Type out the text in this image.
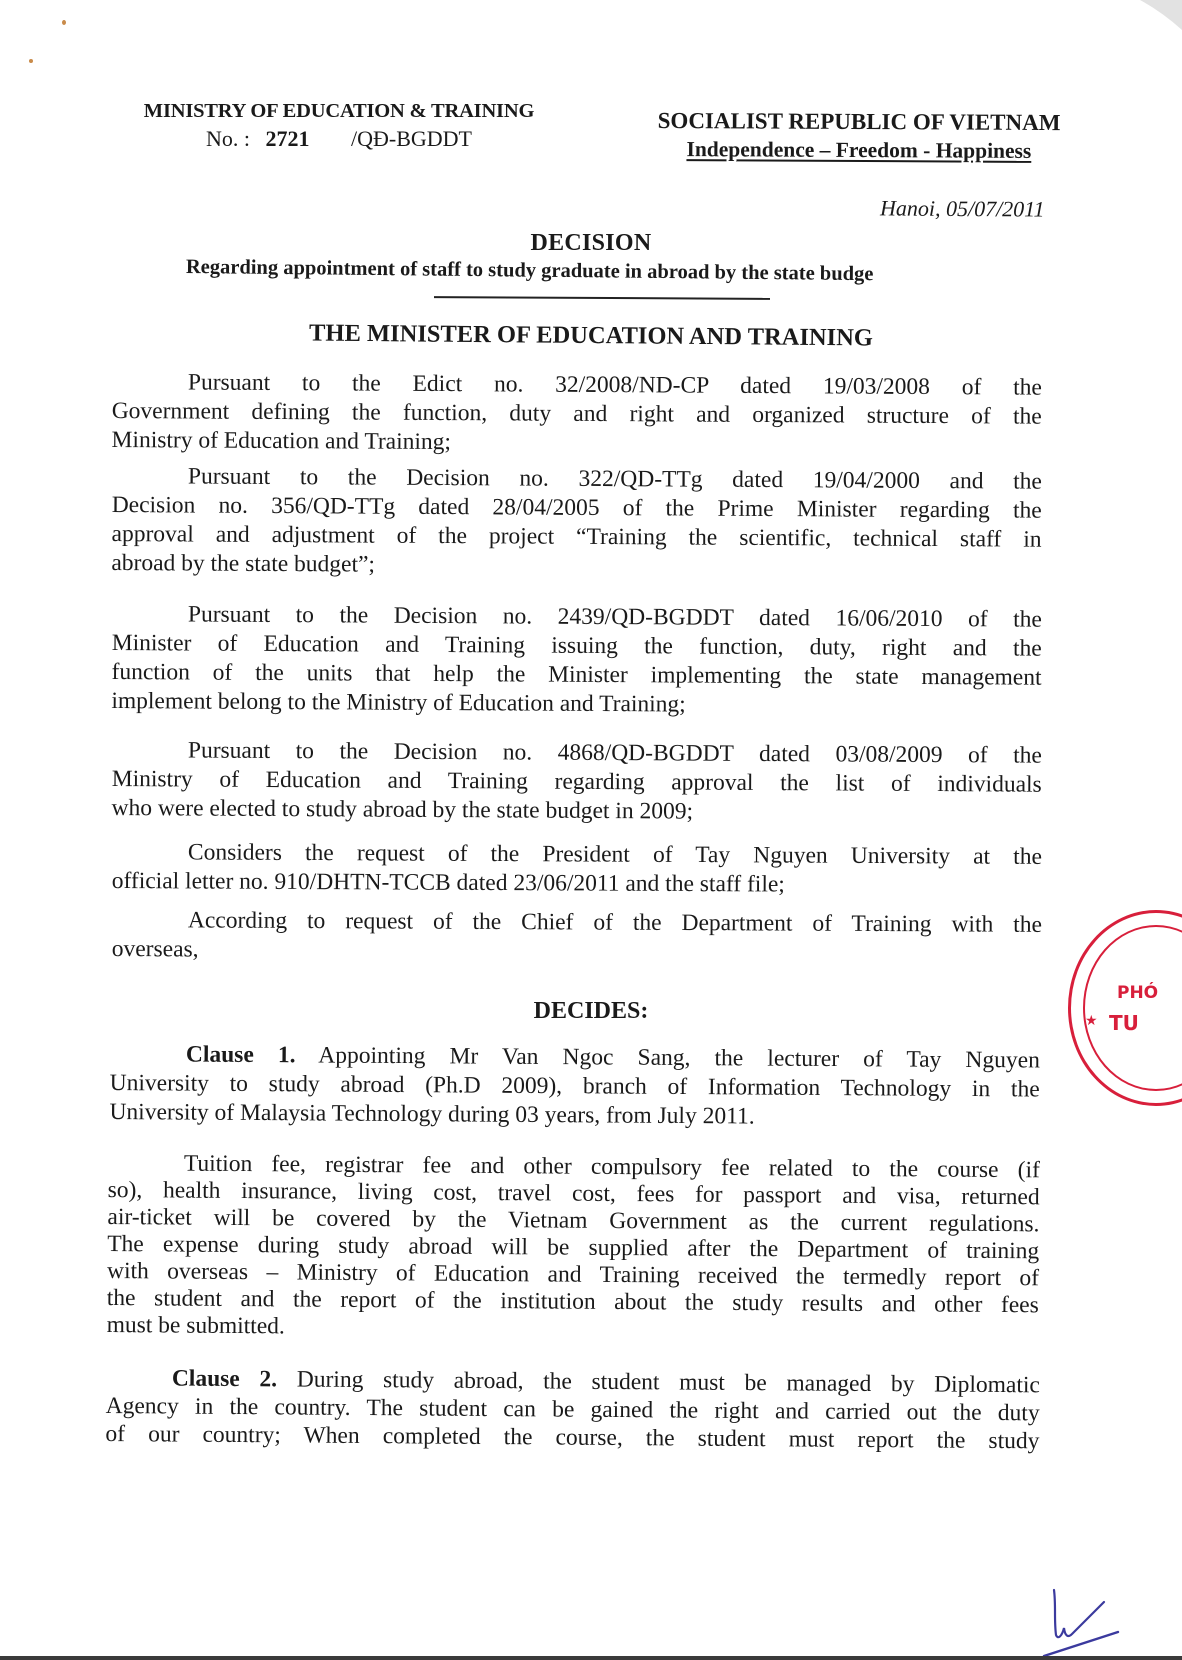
MINISTRY OF EDUCATION & TRAINING
No. : 2721 /QĐ-BGDDT
SOCIALIST REPUBLIC OF VIETNAM
Independence – Freedom - Happiness
Hanoi, 05/07/2011
DECISION
Regarding appointment of staff to study graduate in abroad by the state budge
THE MINISTER OF EDUCATION AND TRAINING
Pursuant to the Edict no. 32/2008/ND-CP dated 19/03/2008 of the
Government defining the function, duty and right and organized structure of the
Ministry of Education and Training;
Pursuant to the Decision no. 322/QD-TTg dated 19/04/2000 and the
Decision no. 356/QD-TTg dated 28/04/2005 of the Prime Minister regarding the
approval and adjustment of the project “Training the scientific, technical staff in
abroad by the state budget”;
Pursuant to the Decision no. 2439/QD-BGDDT dated 16/06/2010 of the
Minister of Education and Training issuing the function, duty, right and the
function of the units that help the Minister implementing the state management
implement belong to the Ministry of Education and Training;
Pursuant to the Decision no. 4868/QD-BGDDT dated 03/08/2009 of the
Ministry of Education and Training regarding approval the list of individuals
who were elected to study abroad by the state budget in 2009;
Considers the request of the President of Tay Nguyen University at the
official letter no. 910/DHTN-TCCB dated 23/06/2011 and the staff file;
According to request of the Chief of the Department of Training with the
overseas,
DECIDES:
Clause 1. Appointing Mr Van Ngoc Sang, the lecturer of Tay Nguyen
University to study abroad (Ph.D 2009), branch of Information Technology in the
University of Malaysia Technology during 03 years, from July 2011.
Tuition fee, registrar fee and other compulsory fee related to the course (if
so), health insurance, living cost, travel cost, fees for passport and visa, returned
air-ticket will be covered by the Vietnam Government as the current regulations.
The expense during study abroad will be supplied after the Department of training
with overseas – Ministry of Education and Training received the termedly report of
the student and the report of the institution about the study results and other fees
must be submitted.
Clause 2. During study abroad, the student must be managed by Diplomatic
Agency in the country. The student can be gained the right and carried out the duty
of our country; When completed the course, the student must report the study
★
PHÓ
TU
